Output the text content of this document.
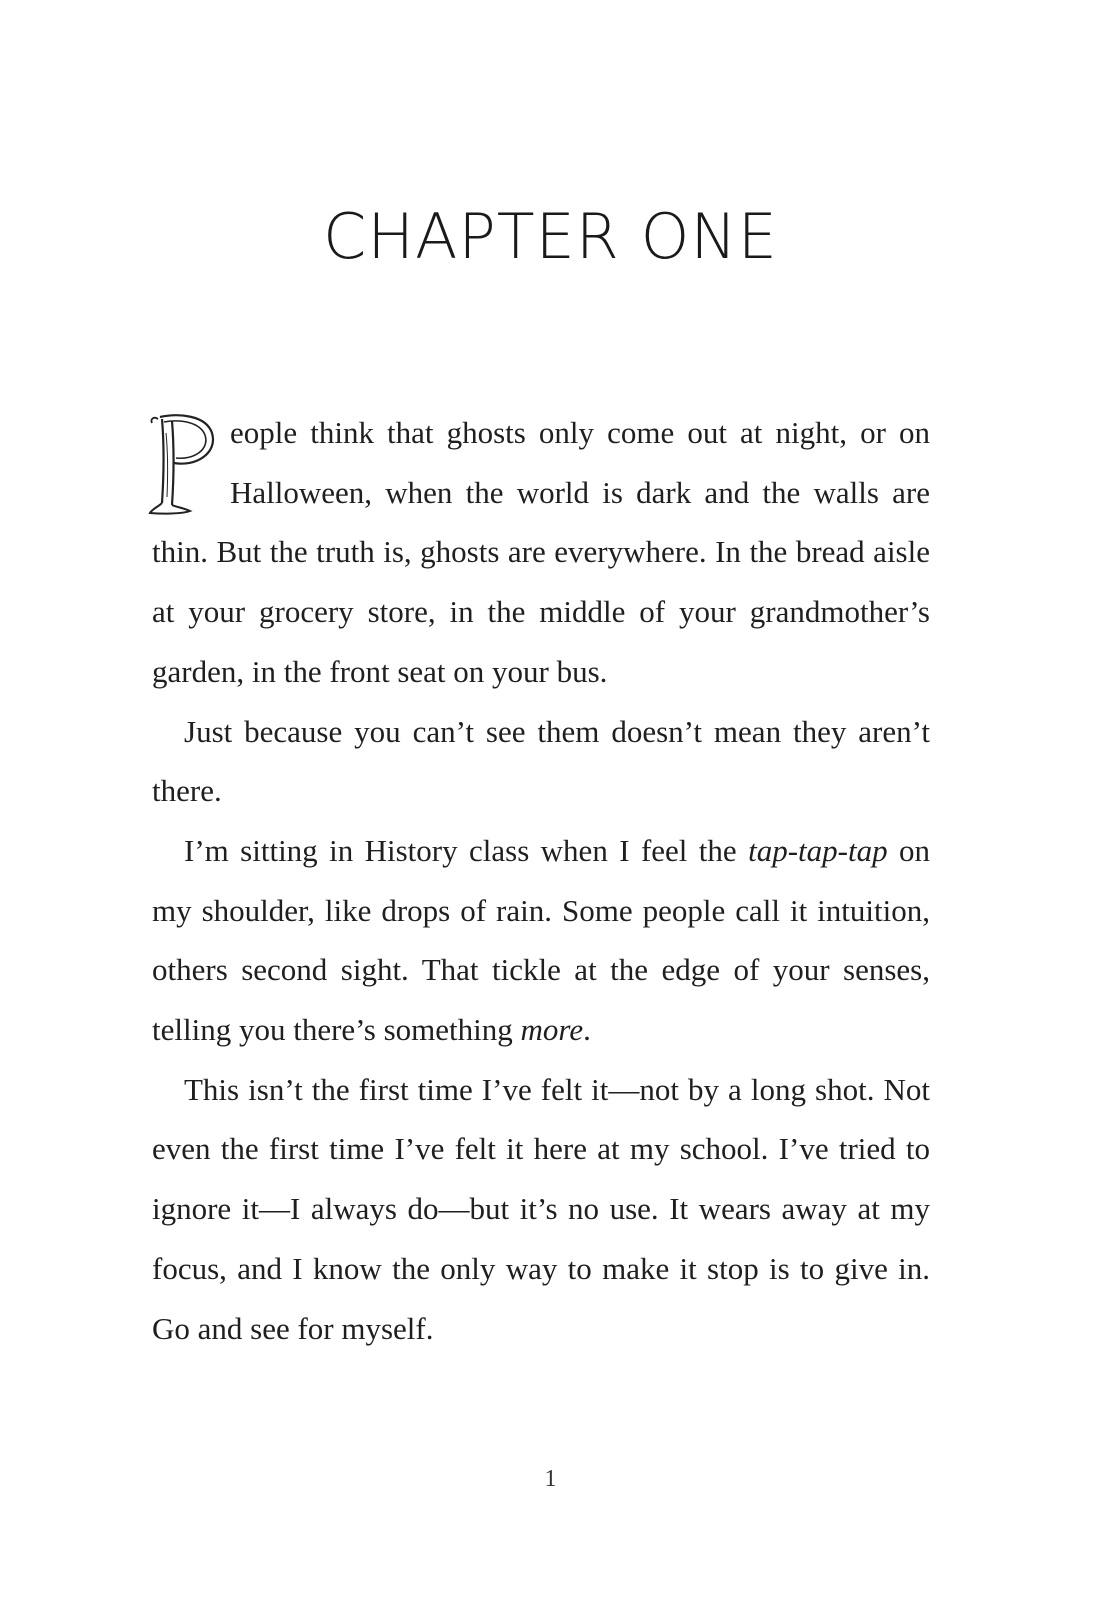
CHAPTER ONE

eople think that ghosts only come out at night, or on Halloween, when the world is dark and the walls are thin. But the truth is, ghosts are everywhere. In the bread aisle at your grocery store, in the middle of your grandmother’s garden, in the front seat on your bus.

Just because you can’t see them doesn’t mean they aren’t there.

I’m sitting in History class when I feel the tap-tap-tap on my shoulder, like drops of rain. Some people call it intuition, others second sight. That tickle at the edge of your senses, telling you there’s something more.

This isn’t the first time I’ve felt it—not by a long shot. Not even the first time I’ve felt it here at my school. I’ve tried to ignore it—I always do—but it’s no use. It wears away at my focus, and I know the only way to make it stop is to give in. Go and see for myself.

1
